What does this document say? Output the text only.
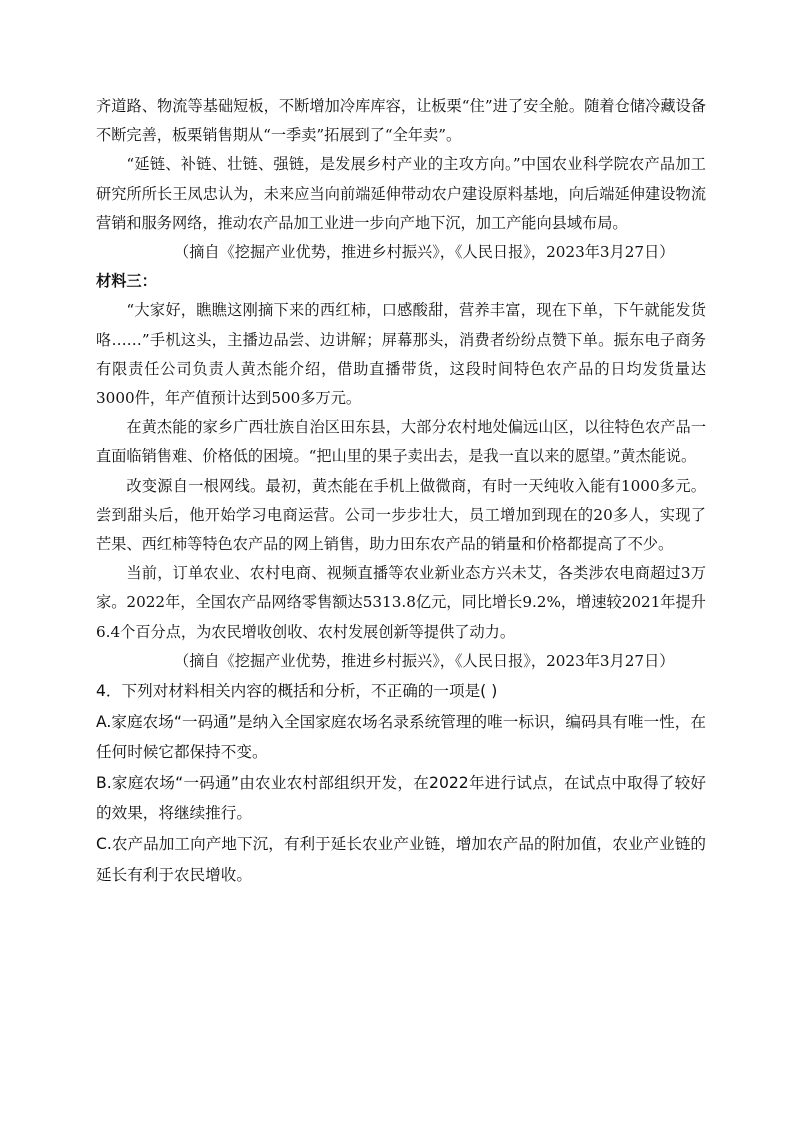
齐道路、物流等基础短板，不断增加冷库库容，让板栗“住”进了安全舱。随着仓储冷藏设备不断完善，板栗销售期从“一季卖”拓展到了“全年卖”。

“延链、补链、壮链、强链，是发展乡村产业的主攻方向。”中国农业科学院农产品加工研究所所长王凤忠认为，未来应当向前端延伸带动农户建设原料基地，向后端延伸建设物流营销和服务网络，推动农产品加工业进一步向产地下沉，加工产能向县域布局。

（摘自《挖掘产业优势，推进乡村振兴》，《人民日报》，2023年3月27日）

材料三：

“大家好，瞧瞧这刚摘下来的西红柿，口感酸甜，营养丰富，现在下单，下午就能发货咯……”手机这头，主播边品尝、边讲解；屏幕那头，消费者纷纷点赞下单。振东电子商务有限责任公司负责人黄杰能介绍，借助直播带货，这段时间特色农产品的日均发货量达3000件，年产值预计达到500多万元。

在黄杰能的家乡广西壮族自治区田东县，大部分农村地处偏远山区，以往特色农产品一直面临销售难、价格低的困境。“把山里的果子卖出去，是我一直以来的愿望。”黄杰能说。

改变源自一根网线。最初，黄杰能在手机上做微商，有时一天纯收入能有1000多元。尝到甜头后，他开始学习电商运营。公司一步步壮大，员工增加到现在的20多人，实现了芒果、西红柿等特色农产品的网上销售，助力田东农产品的销量和价格都提高了不少。

当前，订单农业、农村电商、视频直播等农业新业态方兴未艾，各类涉农电商超过3万家。2022年，全国农产品网络零售额达5313.8亿元，同比增长9.2%，增速较2021年提升6.4个百分点，为农民增收创收、农村发展创新等提供了动力。

（摘自《挖掘产业优势，推进乡村振兴》，《人民日报》，2023年3月27日）

4．下列对材料相关内容的概括和分析，不正确的一项是( )

A.家庭农场“一码通”是纳入全国家庭农场名录系统管理的唯一标识，编码具有唯一性，在任何时候它都保持不变。

B.家庭农场“一码通”由农业农村部组织开发，在2022年进行试点，在试点中取得了较好的效果，将继续推行。

C.农产品加工向产地下沉，有利于延长农业产业链，增加农产品的附加值，农业产业链的延长有利于农民增收。
